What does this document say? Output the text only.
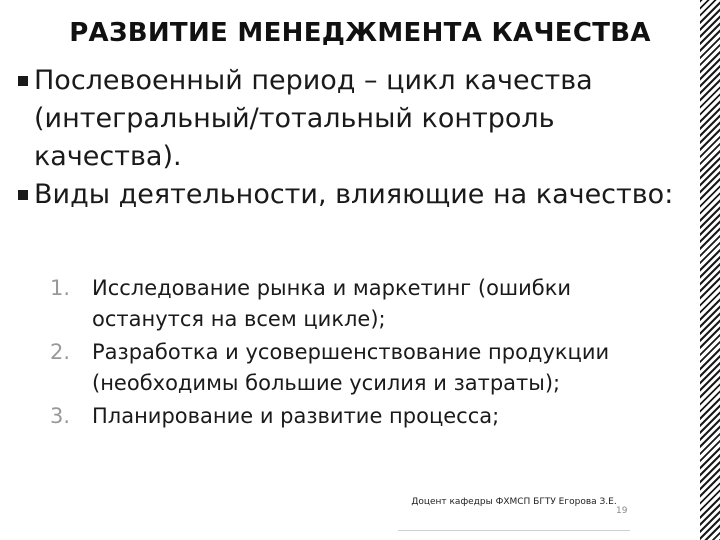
РАЗВИТИЕ МЕНЕДЖМЕНТА КАЧЕСТВА
Послевоенный период – цикл качества (интегральный/тотальный контроль качества).
Виды деятельности, влияющие на качество:
1. Исследование рынка и маркетинг (ошибки останутся на всем цикле);
2. Разработка и усовершенствование продукции (необходимы большие усилия и затраты);
3. Планирование и развитие процесса;
Доцент кафедры ФХМСП БГТУ Егорова З.Е.
19
